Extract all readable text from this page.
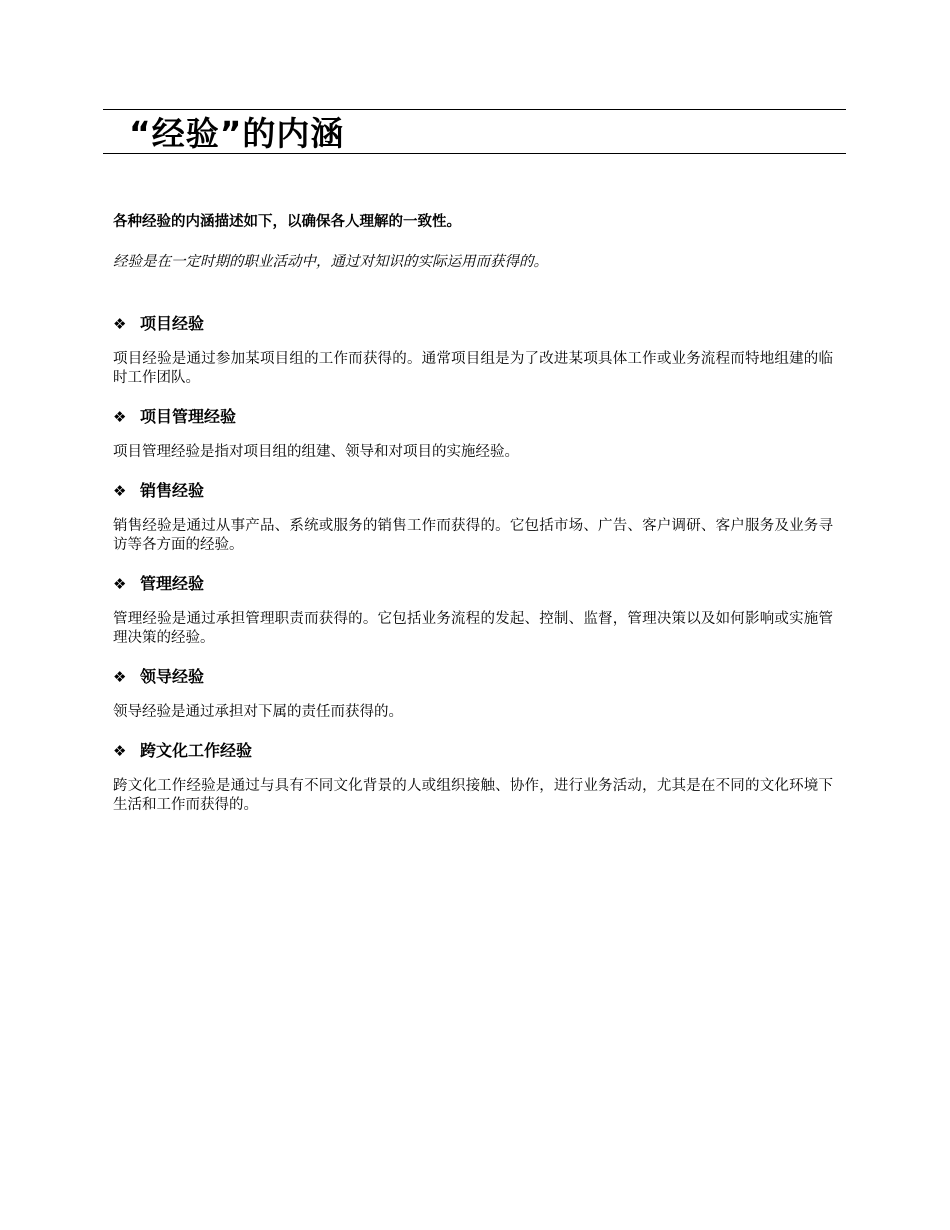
“经验”的内涵

各种经验的内涵描述如下，以确保各人理解的一致性。

经验是在一定时期的职业活动中，通过对知识的实际运用而获得的。

❖ 项目经验

项目经验是通过参加某项目组的工作而获得的。通常项目组是为了改进某项具体工作或业务流程而特地组建的临时工作团队。

❖ 项目管理经验

项目管理经验是指对项目组的组建、领导和对项目的实施经验。

❖ 销售经验

销售经验是通过从事产品、系统或服务的销售工作而获得的。它包括市场、广告、客户调研、客户服务及业务寻访等各方面的经验。

❖ 管理经验

管理经验是通过承担管理职责而获得的。它包括业务流程的发起、控制、监督，管理决策以及如何影响或实施管理决策的经验。

❖ 领导经验

领导经验是通过承担对下属的责任而获得的。

❖ 跨文化工作经验

跨文化工作经验是通过与具有不同文化背景的人或组织接触、协作，进行业务活动，尤其是在不同的文化环境下生活和工作而获得的。
